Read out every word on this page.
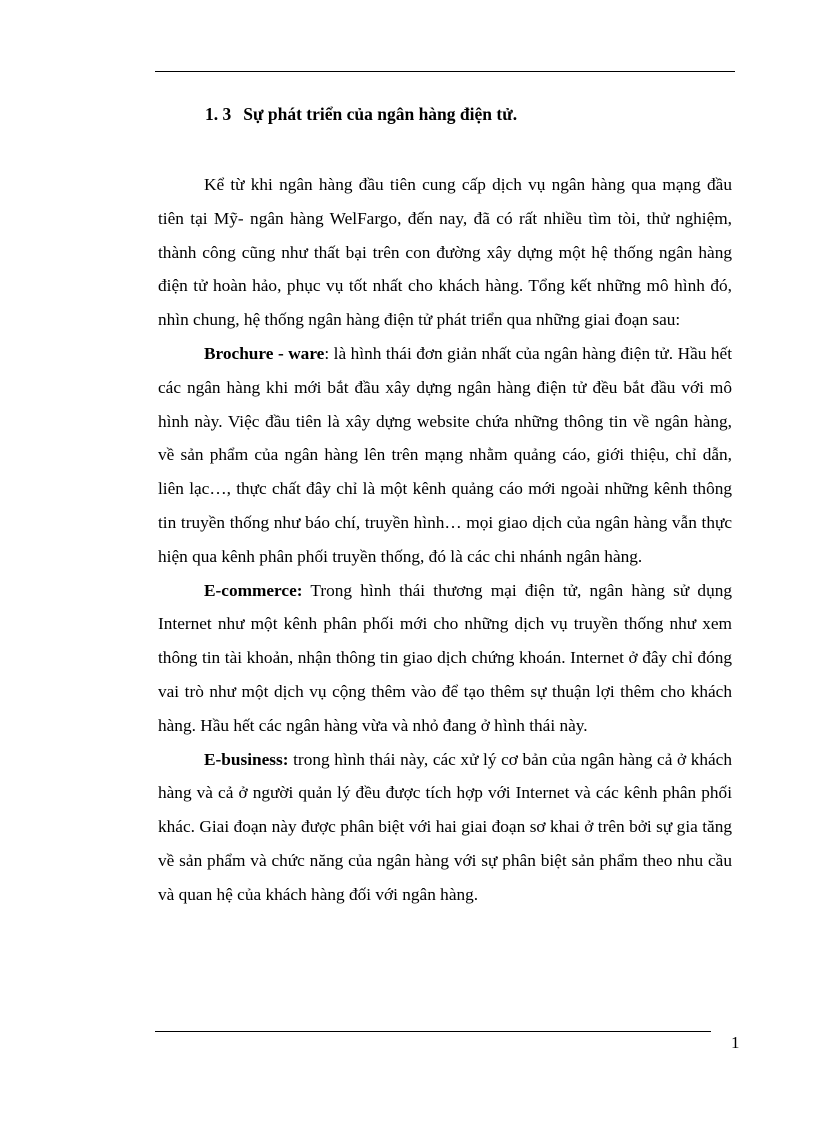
1. 3 Sự phát triển của ngân hàng điện tử.

Kể từ khi ngân hàng đầu tiên cung cấp dịch vụ ngân hàng qua mạng đầu tiên tại Mỹ- ngân hàng WelFargo, đến nay, đã có rất nhiều tìm tòi, thử nghiệm, thành công cũng như thất bại trên con đường xây dựng một hệ thống ngân hàng điện tử hoàn hảo, phục vụ tốt nhất cho khách hàng. Tổng kết những mô hình đó, nhìn chung, hệ thống ngân hàng điện tử phát triển qua những giai đoạn sau:

Brochure - ware: là hình thái đơn giản nhất của ngân hàng điện tử. Hầu hết các ngân hàng khi mới bắt đầu xây dựng ngân hàng điện tử đều bắt đầu với mô hình này. Việc đầu tiên là xây dựng website chứa những thông tin về ngân hàng, về sản phẩm của ngân hàng lên trên mạng nhằm quảng cáo, giới thiệu, chỉ dẫn, liên lạc…, thực chất đây chỉ là một kênh quảng cáo mới ngoài những kênh thông tin truyền thống như báo chí, truyền hình… mọi giao dịch của ngân hàng vẫn thực hiện qua kênh phân phối truyền thống, đó là các chi nhánh ngân hàng.

E-commerce: Trong hình thái thương mại điện tử, ngân hàng sử dụng Internet như một kênh phân phối mới cho những dịch vụ truyền thống như xem thông tin tài khoản, nhận thông tin giao dịch chứng khoán. Internet ở đây chỉ đóng vai trò như một dịch vụ cộng thêm vào để tạo thêm sự thuận lợi thêm cho khách hàng. Hầu hết các ngân hàng vừa và nhỏ đang ở hình thái này.

E-business: trong hình thái này, các xử lý cơ bản của ngân hàng cả ở khách hàng và cả ở người quản lý đều được tích hợp với Internet và các kênh phân phối khác. Giai đoạn này được phân biệt với hai giai đoạn sơ khai ở trên bởi sự gia tăng về sản phẩm và chức năng của ngân hàng với sự phân biệt sản phẩm theo nhu cầu và quan hệ của khách hàng đối với ngân hàng.

1
